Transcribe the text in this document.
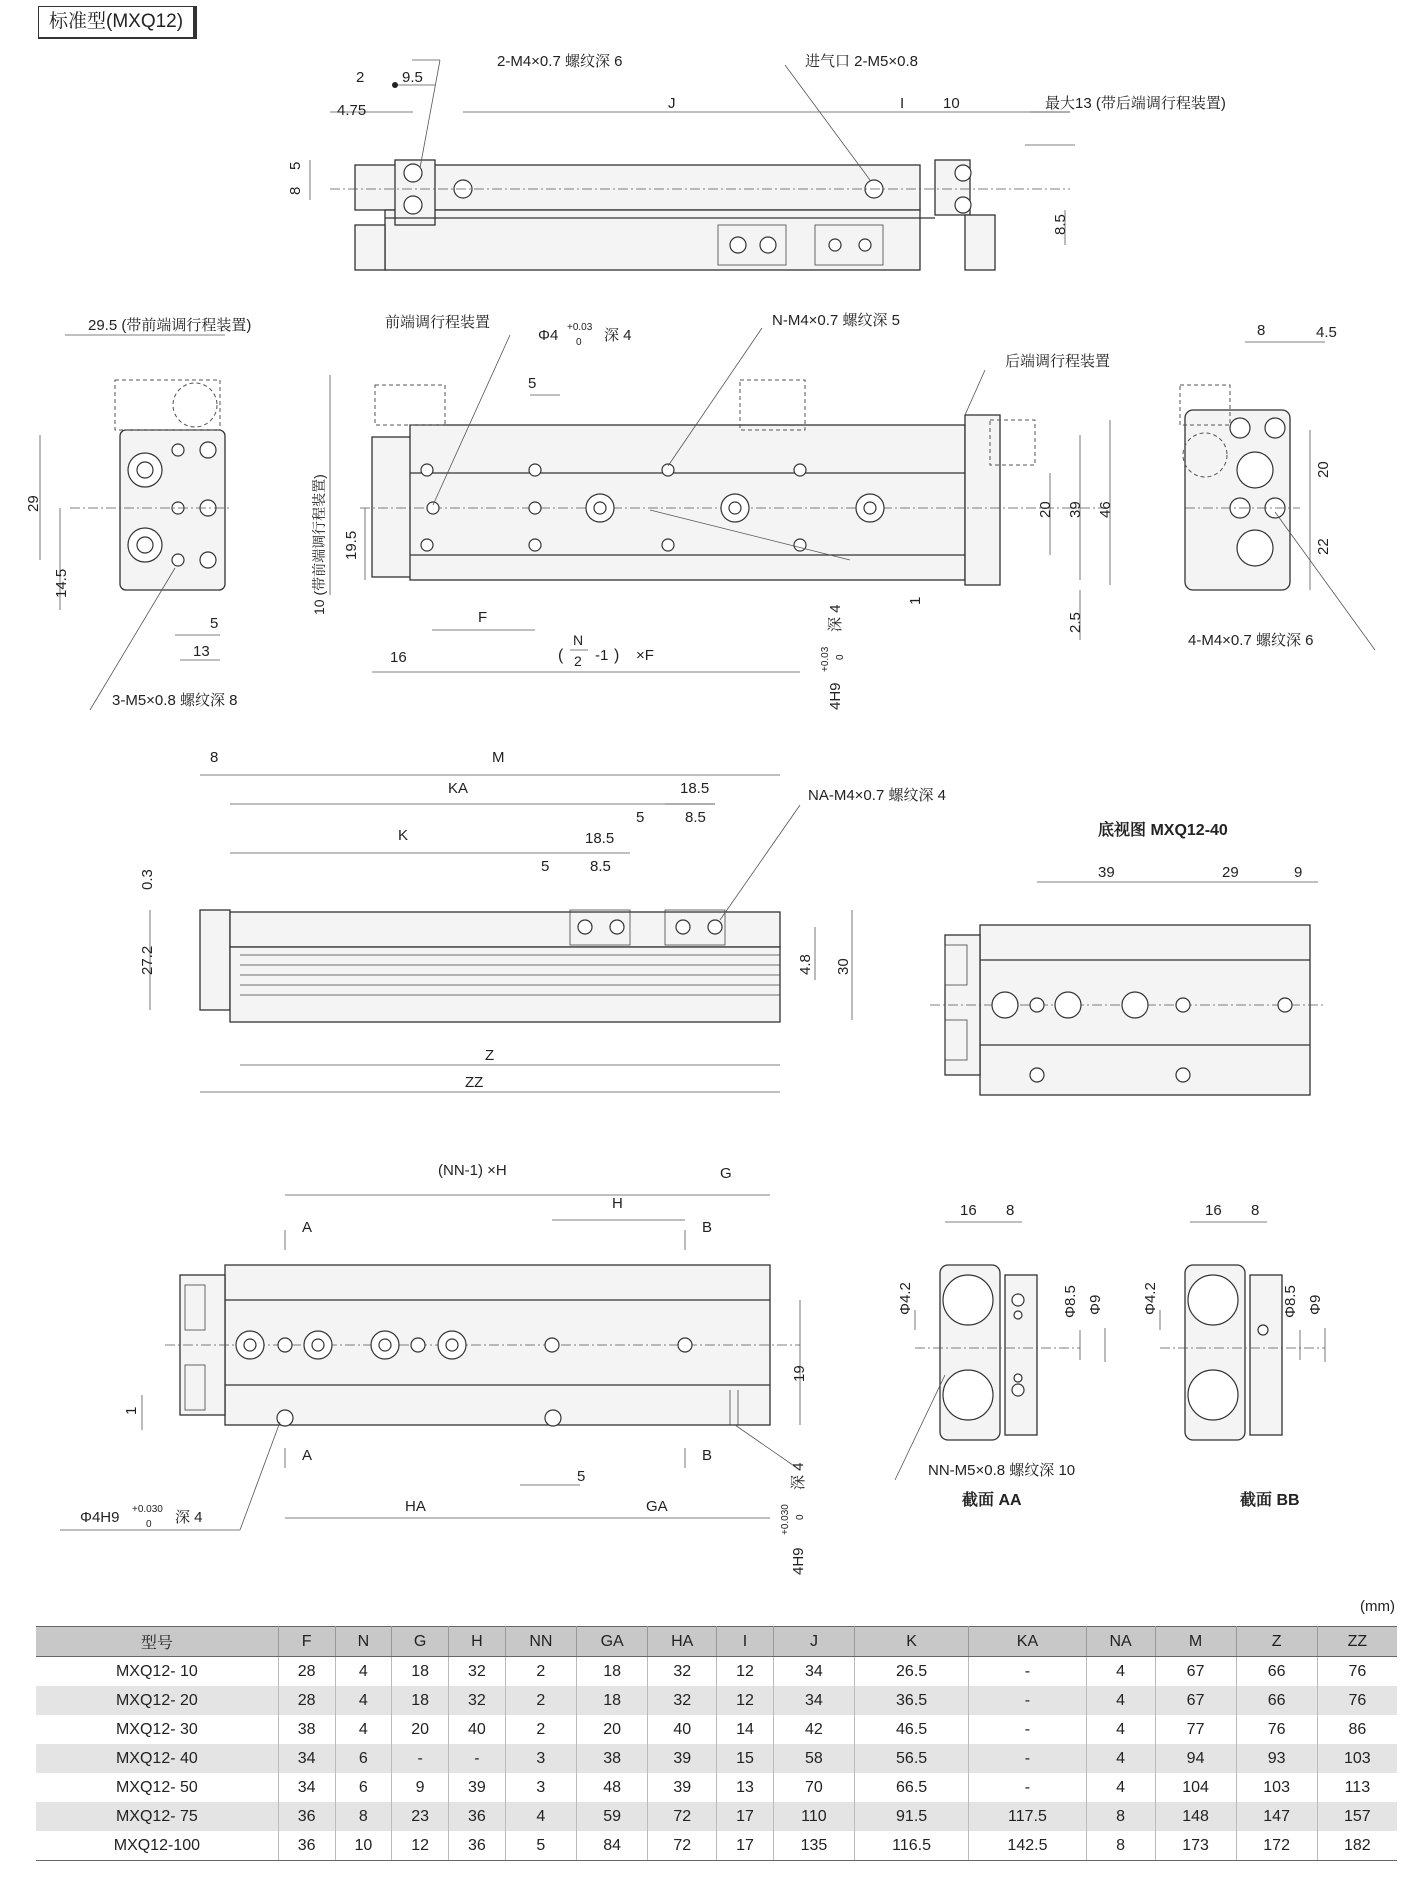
标准型(MXQ12)
2	9.5
4.75	J	I	10
5
8
8.5
2-M4×0.7 螺纹深 6	进气口 2-M5×0.8
最大13 (带后端调行程装置)
29.5 (带前端调行程装置)
29
14.5
5
13
3-M5×0.8 螺纹深 8
前端调行程装置
Φ4 +0.03
0 深 4
N-M4×0.7 螺纹深 5
后端调行程装置
5
10 (带前端调行程装置) 19.5
F
16	(
N
2 -1 ) ×F
20 39 46
1
2.5
4H9
+0.03 0
深 4
8	4.5
20
22
4-M4×0.7 螺纹深 6
8	M
KA	18.5
5	8.5
K	18.5
5	8.5
0.3
27.2	4.8 30
Z
ZZ
NA-M4×0.7 螺纹深 4
底视图 MXQ12-40
39	29	9
(NN-1) ×H	G
H
A	B
A	B
19
1
5
HA	GA
Φ4H9 +0.030
0 深 4
4H9
+0.030 0
深 4
16 8
Φ4.2	Φ8.5 Φ9
NN-M5×0.8 螺纹深 10
截面 AA
16 8
Φ4.2	Φ8.5 Φ9
截面 BB
(mm)
型号	F	N	G	H	NN	GA	HA	I	J	K	KA	NA	M	Z	ZZ
MXQ12- 10	28	4	18	32	2	18	32	12	34	26.5	-	4	67	66	76
MXQ12- 20	28	4	18	32	2	18	32	12	34	36.5	-	4	67	66	76
MXQ12- 30	38	4	20	40	2	20	40	14	42	46.5	-	4	77	76	86
MXQ12- 40	34	6	-	-	3	38	39	15	58	56.5	-	4	94	93	103
MXQ12- 50	34	6	9	39	3	48	39	13	70	66.5	-	4	104	103	113
MXQ12- 75	36	8	23	36	4	59	72	17	110	91.5	117.5	8	148	147	157
MXQ12-100	36	10	12	36	5	84	72	17	135	116.5	142.5	8	173	172	182
